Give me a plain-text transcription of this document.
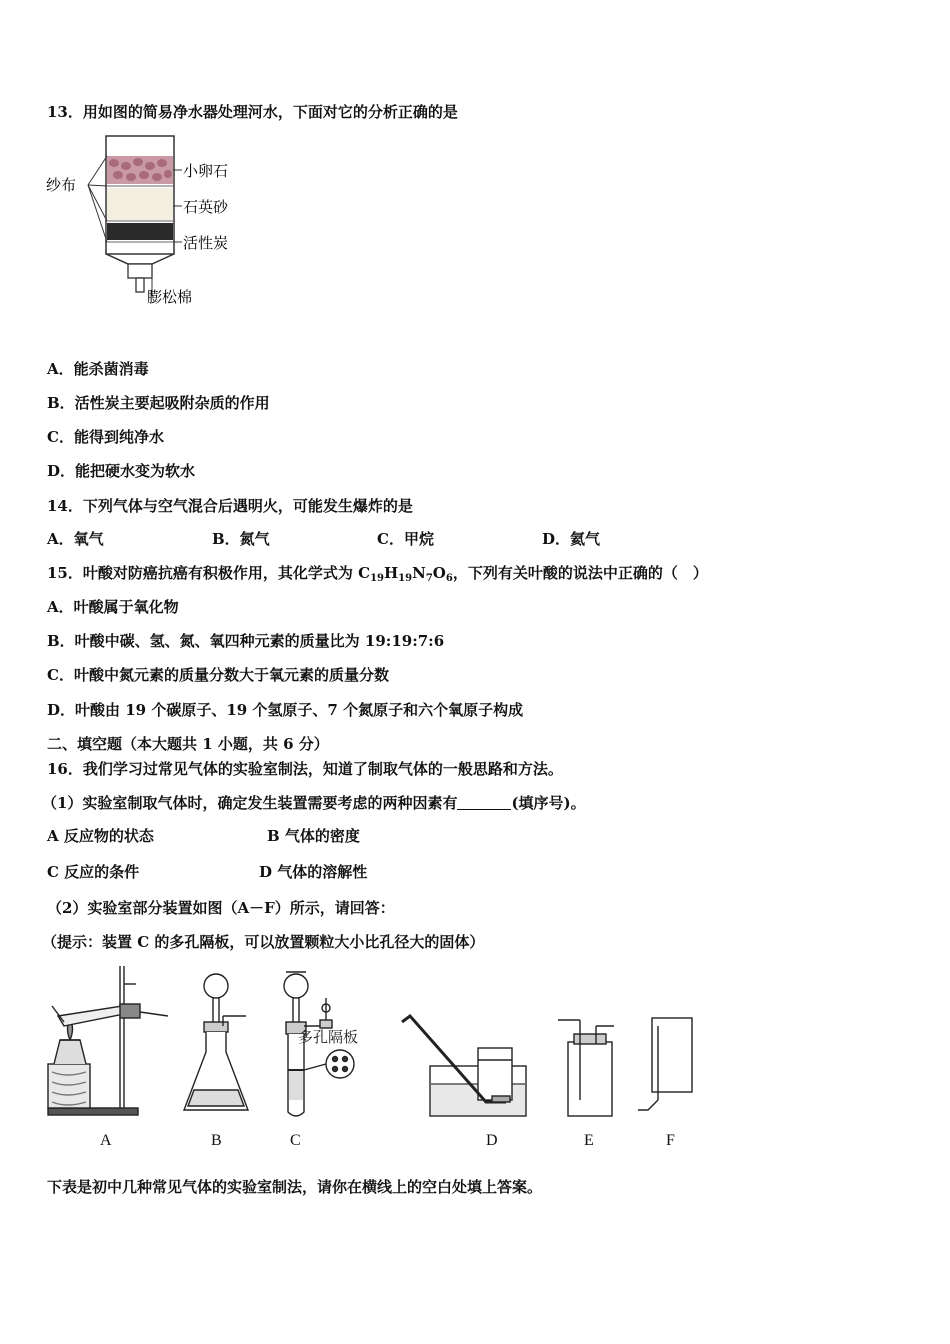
13．用如图的简易净水器处理河水，下面对它的分析正确的是
纱布
小卵石
石英砂
活性炭
膨松棉
A．能杀菌消毒
B．活性炭主要起吸附杂质的作用
C．能得到纯净水
D．能把硬水变为软水
14．下列气体与空气混合后遇明火，可能发生爆炸的是
A．氧气	B．氮气	C．甲烷	D．氦气
15．叶酸对防癌抗癌有积极作用，其化学式为 $C_{19}H_{19}N_7O_6$，下列有关叶酸的说法中正确的（　）
A．叶酸属于氧化物
B．叶酸中碳、氢、氮、氧四种元素的质量比为 19:19:7:6
C．叶酸中氮元素的质量分数大于氧元素的质量分数
D．叶酸由 19 个碳原子、19 个氢原子、7 个氮原子和六个氧原子构成
二、填空题（本大题共 1 小题，共 6 分）
16．我们学习过常见气体的实验室制法，知道了制取气体的一般思路和方法。
（1）实验室制取气体时，确定发生装置需要考虑的两种因素有	(填序号)。
A 反应物的状态	B 气体的密度
C 反应的条件	D 气体的溶解性
（2）实验室部分装置如图（A－F）所示，请回答：
（提示：装置 C 的多孔隔板，可以放置颗粒大小比孔径大的固体）
多孔隔板
A	B	C	D	E	F
下表是初中几种常见气体的实验室制法，请你在横线上的空白处填上答案。
